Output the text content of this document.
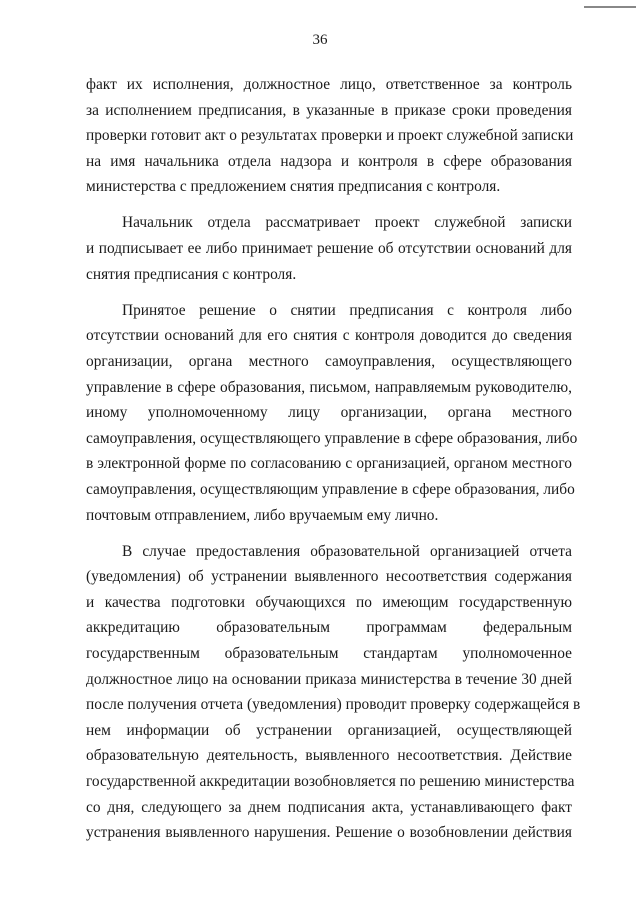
36
факт их исполнения, должностное лицо, ответственное за контроль
за исполнением предписания, в указанные в приказе сроки проведения
проверки готовит акт о результатах проверки и проект служебной записки
на имя начальника отдела надзора и контроля в сфере образования
министерства с предложением снятия предписания с контроля.
Начальник отдела рассматривает проект служебной записки
и подписывает ее либо принимает решение об отсутствии оснований для
снятия предписания с контроля.
Принятое решение о снятии предписания с контроля либо
отсутствии оснований для его снятия с контроля доводится до сведения
организации, органа местного самоуправления, осуществляющего
управление в сфере образования, письмом, направляемым руководителю,
иному уполномоченному лицу организации, органа местного
самоуправления, осуществляющего управление в сфере образования, либо
в электронной форме по согласованию с организацией, органом местного
самоуправления, осуществляющим управление в сфере образования, либо
почтовым отправлением, либо вручаемым ему лично.
В случае предоставления образовательной организацией отчета
(уведомления) об устранении выявленного несоответствия содержания
и качества подготовки обучающихся по имеющим государственную
аккредитацию образовательным программам федеральным
государственным образовательным стандартам уполномоченное
должностное лицо на основании приказа министерства в течение 30 дней
после получения отчета (уведомления) проводит проверку содержащейся в
нем информации об устранении организацией, осуществляющей
образовательную деятельность, выявленного несоответствия. Действие
государственной аккредитации возобновляется по решению министерства
со дня, следующего за днем подписания акта, устанавливающего факт
устранения выявленного нарушения. Решение о возобновлении действия
